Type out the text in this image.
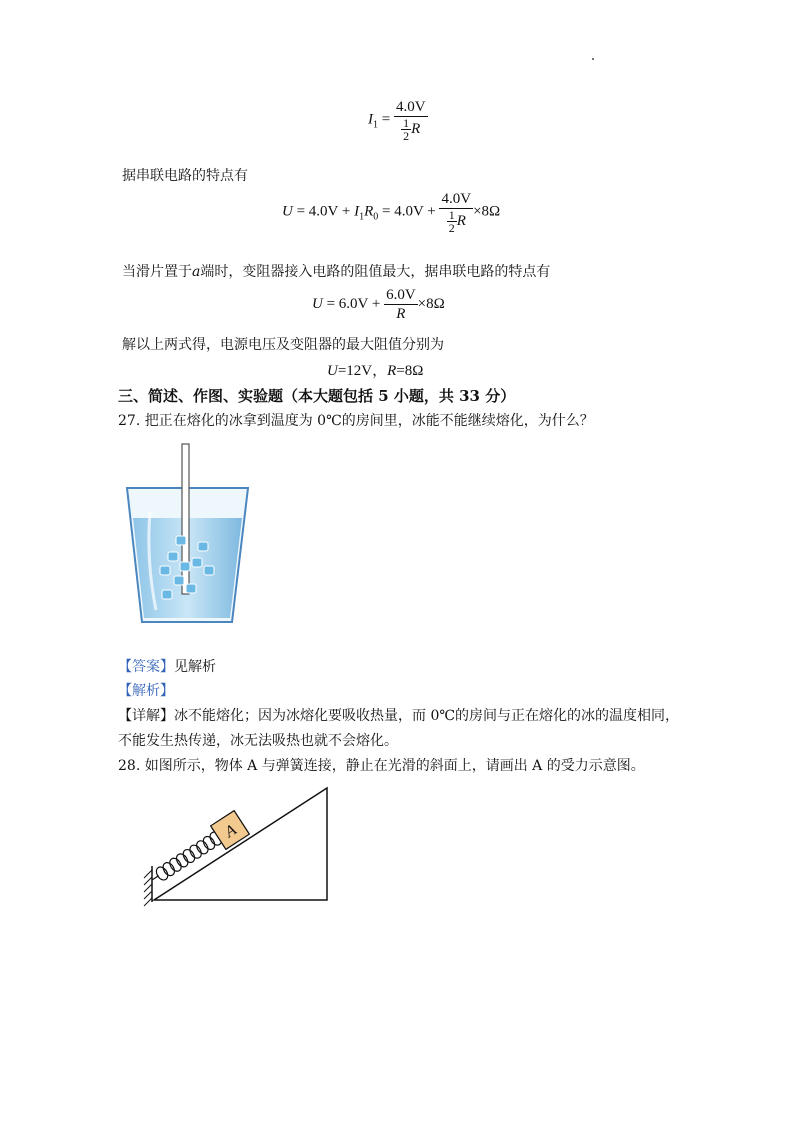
$I_1 = \frac{4.0V}{\frac{1}{2} R}$
据串联电路的特点有
$U = 4.0V + I_1R_0 = 4.0V + \frac{4.0V}{\frac{1}{2} R} \times 8\Omega$
当滑片置于a端时，变阻器接入电路的阻值最大，据串联电路的特点有
$U = 6.0V + \frac{6.0V}{R} \times 8\Omega$
解以上两式得，电源电压及变阻器的最大阻值分别为
U=12V，R=8Ω
三、简述、作图、实验题（本大题包括 5 小题，共 33 分）
27. 把正在熔化的冰拿到温度为 0℃的房间里，冰能不能继续熔化，为什么？
【答案】见解析
【解析】
【详解】冰不能熔化；因为冰熔化要吸收热量，而 0℃的房间与正在熔化的冰的温度相同，
不能发生热传递，冰无法吸热也就不会熔化。
28. 如图所示，物体 A 与弹簧连接，静止在光滑的斜面上，请画出 A 的受力示意图。
A
